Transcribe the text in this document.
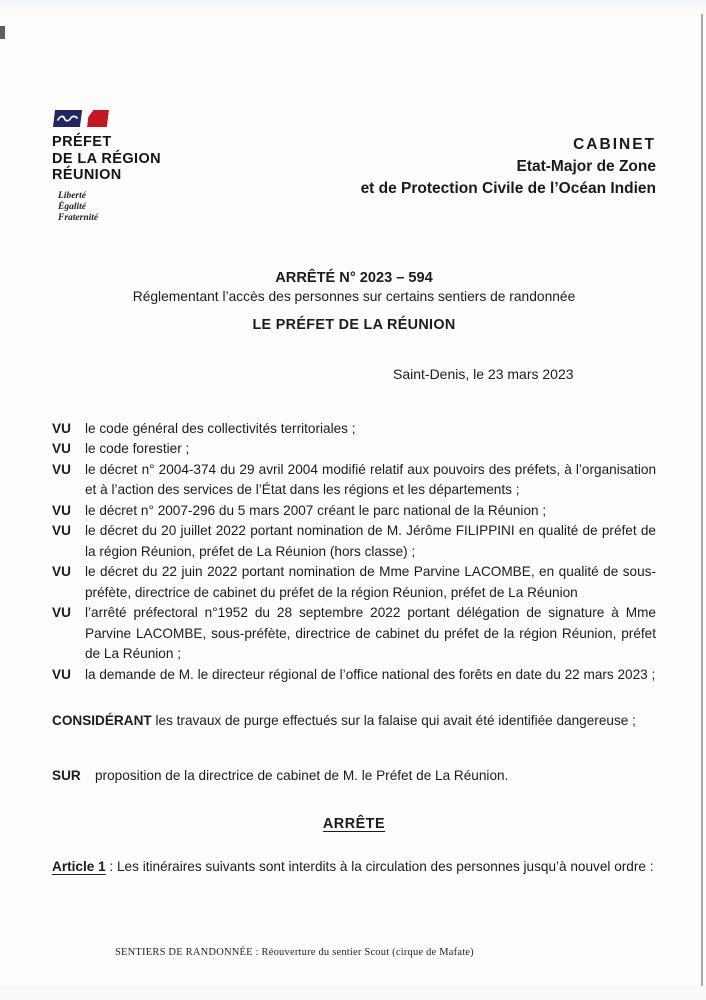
PRÉFET
DE LA RÉGION
RÉUNION
Liberté
Égalité
Fraternité
CABINET
Etat-Major de Zone
et de Protection Civile de l’Océan Indien
ARRÊTÉ N° 2023 – 594
Réglementant l’accès des personnes sur certains sentiers de randonnée
LE PRÉFET DE LA RÉUNION
Saint-Denis, le 23 mars 2023
VU	le code général des collectivités territoriales ;
VU	le code forestier ;
VU	le décret n° 2004-374 du 29 avril 2004 modifié relatif aux pouvoirs des préfets, à l’organisation et à l’action des services de l’État dans les régions et les départements ;
VU	le décret n° 2007-296 du 5 mars 2007 créant le parc national de la Réunion ;
VU	le décret du 20 juillet 2022 portant nomination de M. Jérôme FILIPPINI en qualité de préfet de la région Réunion, préfet de La Réunion (hors classe) ;
VU	le décret du 22 juin 2022 portant nomination de Mme Parvine LACOMBE, en qualité de sous-préfète, directrice de cabinet du préfet de la région Réunion, préfet de La Réunion
VU	l’arrêté préfectoral n°1952 du 28 septembre 2022 portant délégation de signature à Mme Parvine LACOMBE, sous-préfète, directrice de cabinet du préfet de la région Réunion, préfet de La Réunion ;
VU	la demande de M. le directeur régional de l’office national des forêts en date du 22 mars 2023 ;

CONSIDÉRANT les travaux de purge effectués sur la falaise qui avait été identifiée dangereuse ;

SUR	proposition de la directrice de cabinet de M. le Préfet de La Réunion.
ARRÊTE

Article 1 : Les itinéraires suivants sont interdits à la circulation des personnes jusqu’à nouvel ordre :

SENTIERS DE RANDONNÉE : Réouverture du sentier Scout (cirque de Mafate)
